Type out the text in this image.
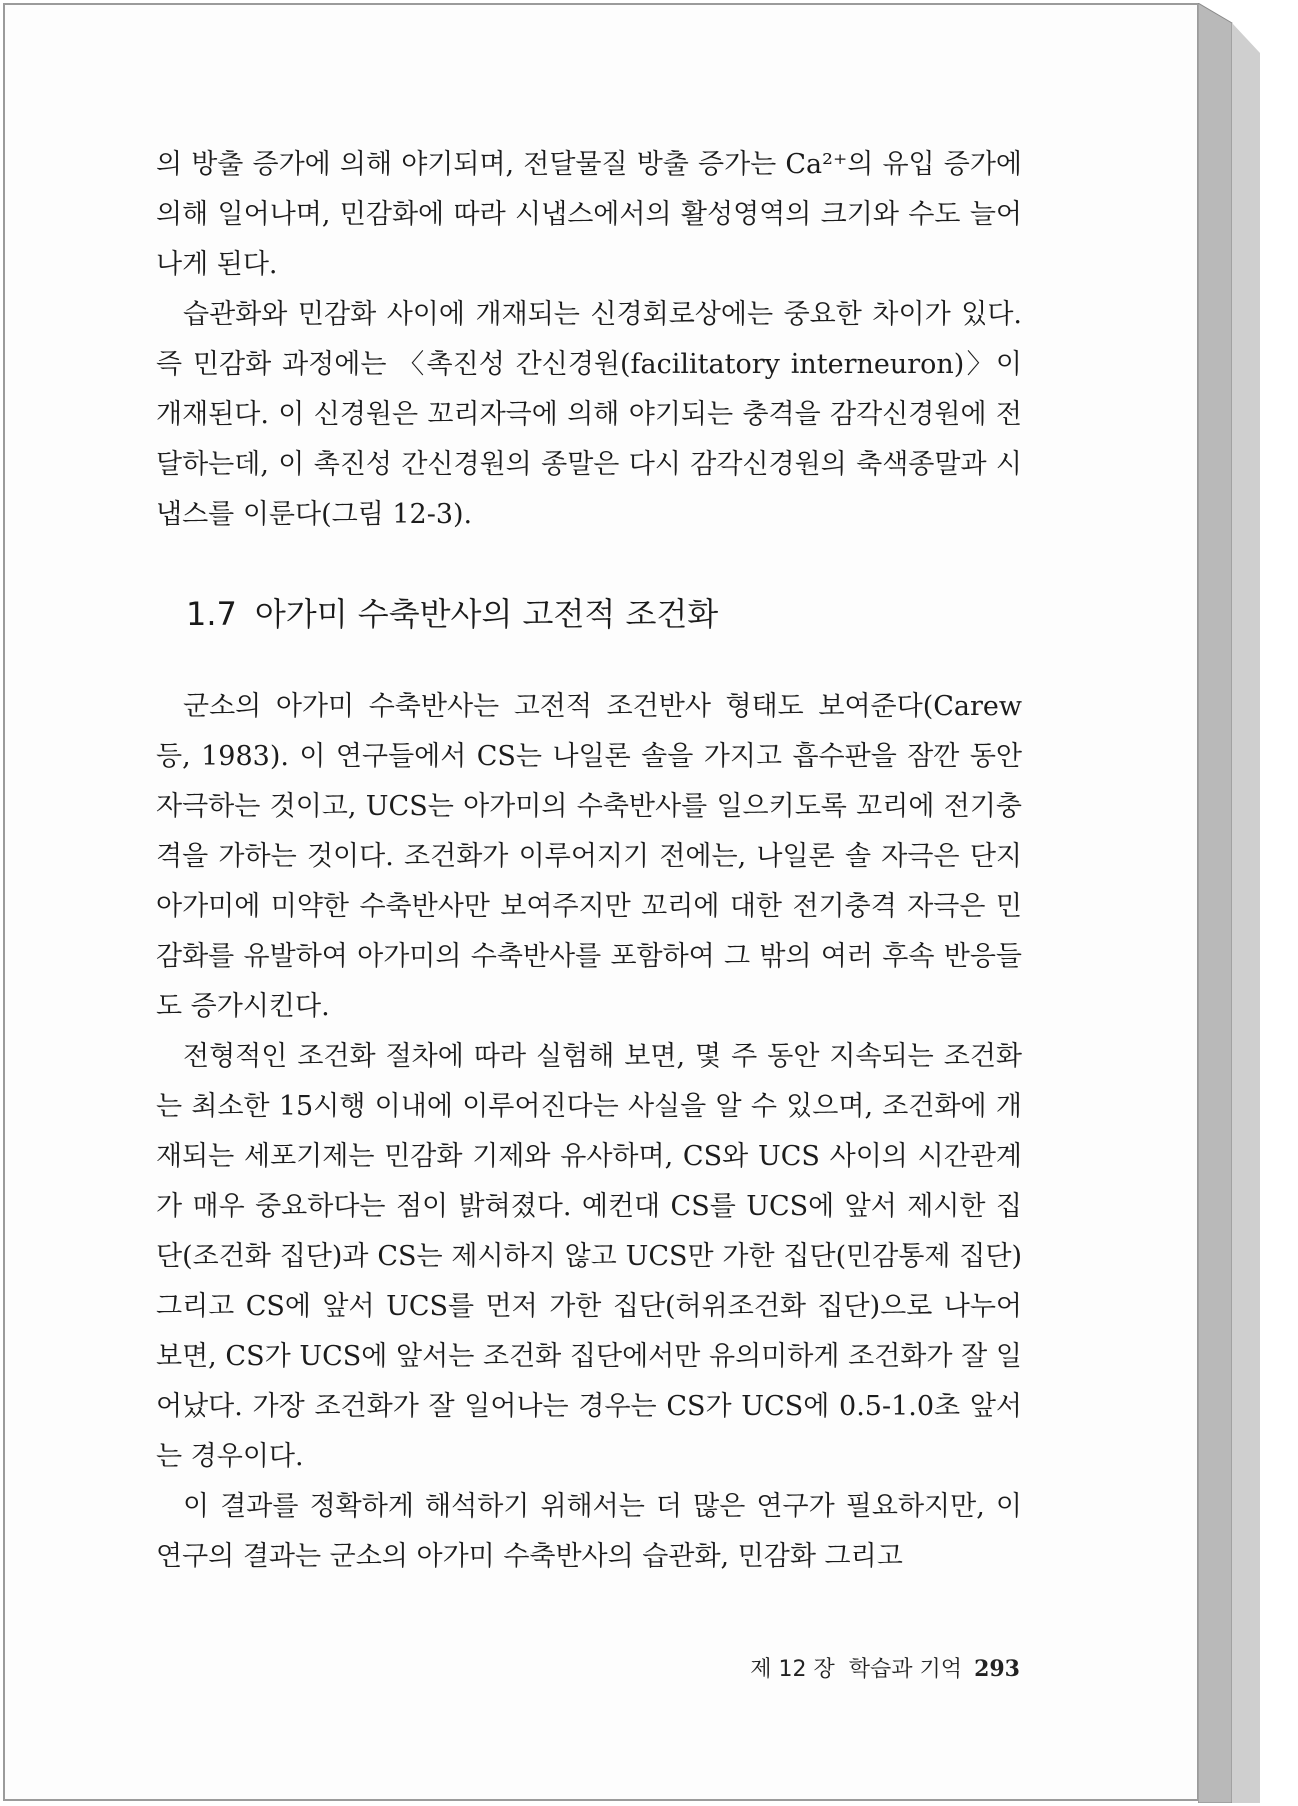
의 방출 증가에 의해 야기되며, 전달물질 방출 증가는 Ca²⁺의 유입 증가에 의해 일어나며, 민감화에 따라 시냅스에서의 활성영역의 크기와 수도 늘어나게 된다.

습관화와 민감화 사이에 개재되는 신경회로상에는 중요한 차이가 있다. 즉 민감화 과정에는 〈촉진성 간신경원(facilitatory interneuron)〉이 개재된다. 이 신경원은 꼬리자극에 의해 야기되는 충격을 감각신경원에 전달하는데, 이 촉진성 간신경원의 종말은 다시 감각신경원의 축색종말과 시냅스를 이룬다(그림 12-3).

1.7 아가미 수축반사의 고전적 조건화

군소의 아가미 수축반사는 고전적 조건반사 형태도 보여준다(Carew 등, 1983). 이 연구들에서 CS는 나일론 솔을 가지고 흡수판을 잠깐 동안 자극하는 것이고, UCS는 아가미의 수축반사를 일으키도록 꼬리에 전기충격을 가하는 것이다. 조건화가 이루어지기 전에는, 나일론 솔 자극은 단지 아가미에 미약한 수축반사만 보여주지만 꼬리에 대한 전기충격 자극은 민감화를 유발하여 아가미의 수축반사를 포함하여 그 밖의 여러 후속 반응들도 증가시킨다.

전형적인 조건화 절차에 따라 실험해 보면, 몇 주 동안 지속되는 조건화는 최소한 15시행 이내에 이루어진다는 사실을 알 수 있으며, 조건화에 개재되는 세포기제는 민감화 기제와 유사하며, CS와 UCS 사이의 시간관계가 매우 중요하다는 점이 밝혀졌다. 예컨대 CS를 UCS에 앞서 제시한 집단(조건화 집단)과 CS는 제시하지 않고 UCS만 가한 집단(민감통제 집단) 그리고 CS에 앞서 UCS를 먼저 가한 집단(허위조건화 집단)으로 나누어보면, CS가 UCS에 앞서는 조건화 집단에서만 유의미하게 조건화가 잘 일어났다. 가장 조건화가 잘 일어나는 경우는 CS가 UCS에 0.5-1.0초 앞서는 경우이다.

이 결과를 정확하게 해석하기 위해서는 더 많은 연구가 필요하지만, 이 연구의 결과는 군소의 아가미 수축반사의 습관화, 민감화 그리고

제 12 장 학습과 기억 293
